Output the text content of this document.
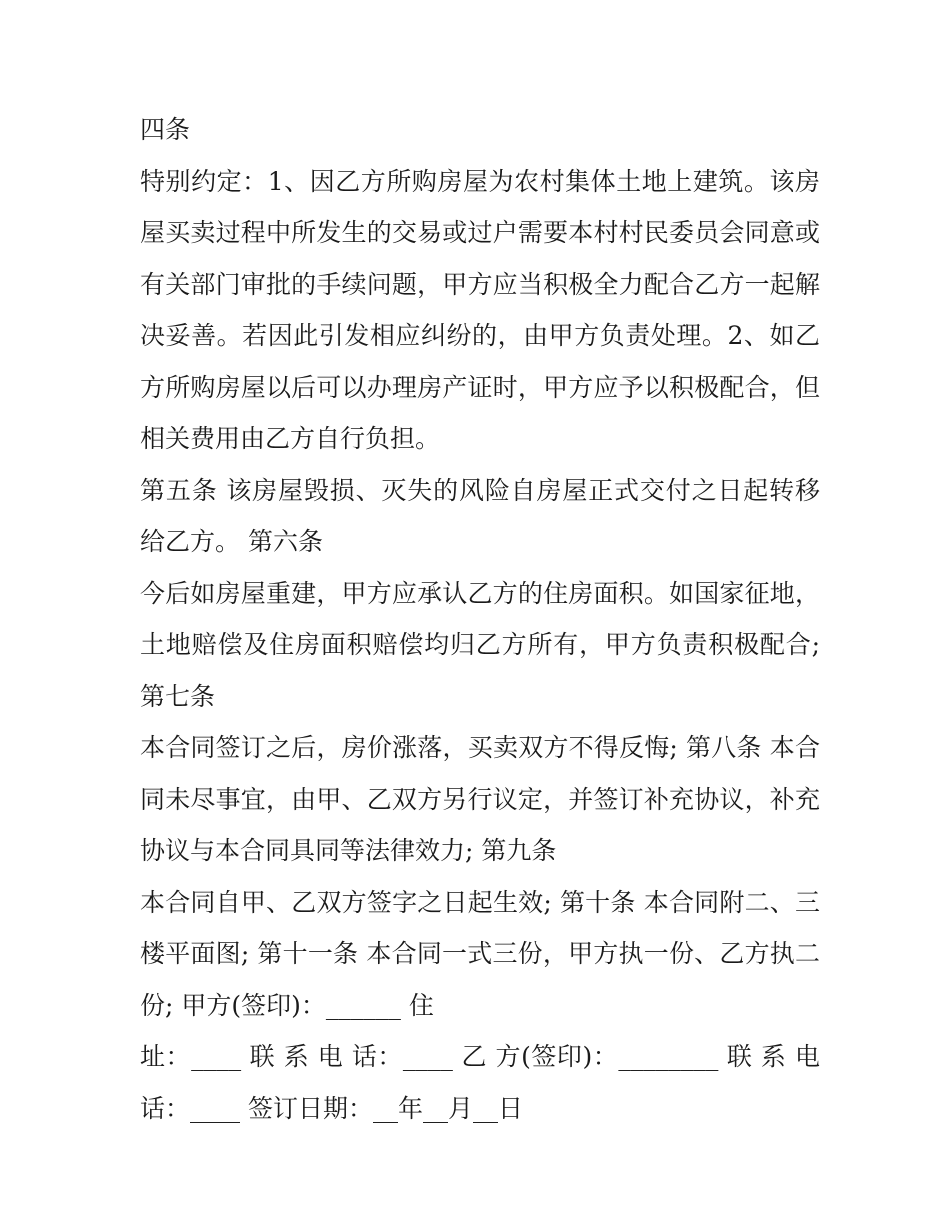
四条
特别约定：1、因乙方所购房屋为农村集体土地上建筑。该房
屋买卖过程中所发生的交易或过户需要本村村民委员会同意或
有关部门审批的手续问题，甲方应当积极全力配合乙方一起解
决妥善。若因此引发相应纠纷的，由甲方负责处理。2、如乙
方所购房屋以后可以办理房产证时，甲方应予以积极配合，但
相关费用由乙方自行负担。
第五条 该房屋毁损、灭失的风险自房屋正式交付之日起转移
给乙方。 第六条
今后如房屋重建，甲方应承认乙方的住房面积。如国家征地，
土地赔偿及住房面积赔偿均归乙方所有，甲方负责积极配合;
第七条
本合同签订之后，房价涨落，买卖双方不得反悔; 第八条 本合
同未尽事宜，由甲、乙双方另行议定，并签订补充协议，补充
协议与本合同具同等法律效力; 第九条
本合同自甲、乙双方签字之日起生效; 第十条 本合同附二、三
楼平面图; 第十一条 本合同一式三份，甲方执一份、乙方执二
份; 甲方(签印)：______ 住
址：____ 联 系 电 话：____ 乙 方(签印)：________ 联 系 电
话：____ 签订日期：__年__月__日
